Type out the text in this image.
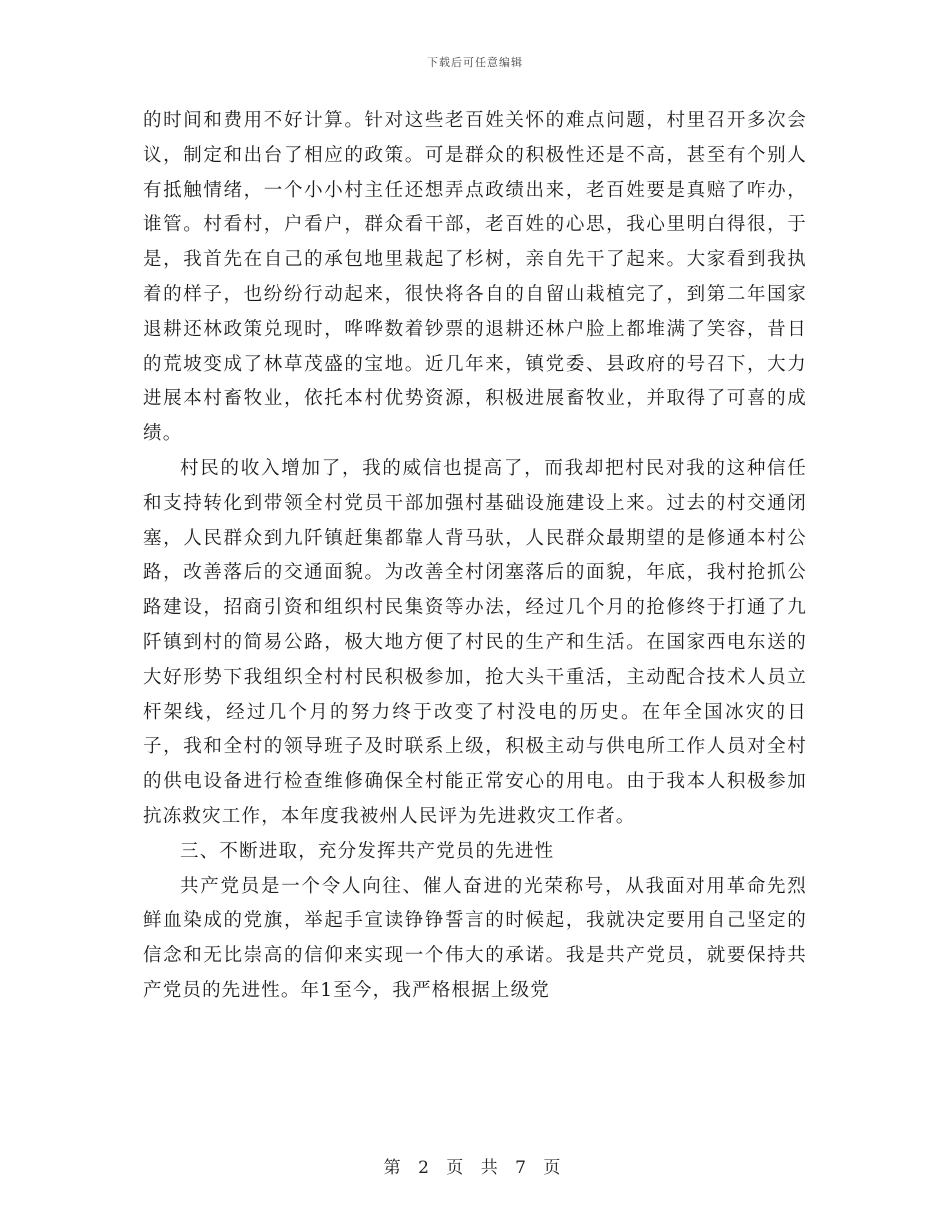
下载后可任意编辑

的时间和费用不好计算。针对这些老百姓关怀的难点问题，村里召开多次会议，制定和出台了相应的政策。可是群众的积极性还是不高，甚至有个别人有抵触情绪，一个小小村主任还想弄点政绩出来，老百姓要是真赔了咋办，谁管。村看村，户看户，群众看干部，老百姓的心思，我心里明白得很，于是，我首先在自己的承包地里栽起了杉树，亲自先干了起来。大家看到我执着的样子，也纷纷行动起来，很快将各自的自留山栽植完了，到第二年国家退耕还林政策兑现时，哗哗数着钞票的退耕还林户脸上都堆满了笑容，昔日的荒坡变成了林草茂盛的宝地。近几年来，镇党委、县政府的号召下，大力进展本村畜牧业，依托本村优势资源，积极进展畜牧业，并取得了可喜的成绩。

村民的收入增加了，我的威信也提高了，而我却把村民对我的这种信任和支持转化到带领全村党员干部加强村基础设施建设上来。过去的村交通闭塞，人民群众到九阡镇赶集都靠人背马驮，人民群众最期望的是修通本村公路，改善落后的交通面貌。为改善全村闭塞落后的面貌，年底，我村抢抓公路建设，招商引资和组织村民集资等办法，经过几个月的抢修终于打通了九阡镇到村的简易公路，极大地方便了村民的生产和生活。在国家西电东送的大好形势下我组织全村村民积极参加，抢大头干重活，主动配合技术人员立杆架线，经过几个月的努力终于改变了村没电的历史。在年全国冰灾的日子，我和全村的领导班子及时联系上级，积极主动与供电所工作人员对全村的供电设备进行检查维修确保全村能正常安心的用电。由于我本人积极参加抗冻救灾工作，本年度我被州人民评为先进救灾工作者。

三、不断进取，充分发挥共产党员的先进性

共产党员是一个令人向往、催人奋进的光荣称号，从我面对用革命先烈鲜血染成的党旗，举起手宣读铮铮誓言的时候起，我就决定要用自己坚定的信念和无比崇高的信仰来实现一个伟大的承诺。我是共产党员，就要保持共产党员的先进性。年1至今，我严格根据上级党

第 2 页 共 7 页
